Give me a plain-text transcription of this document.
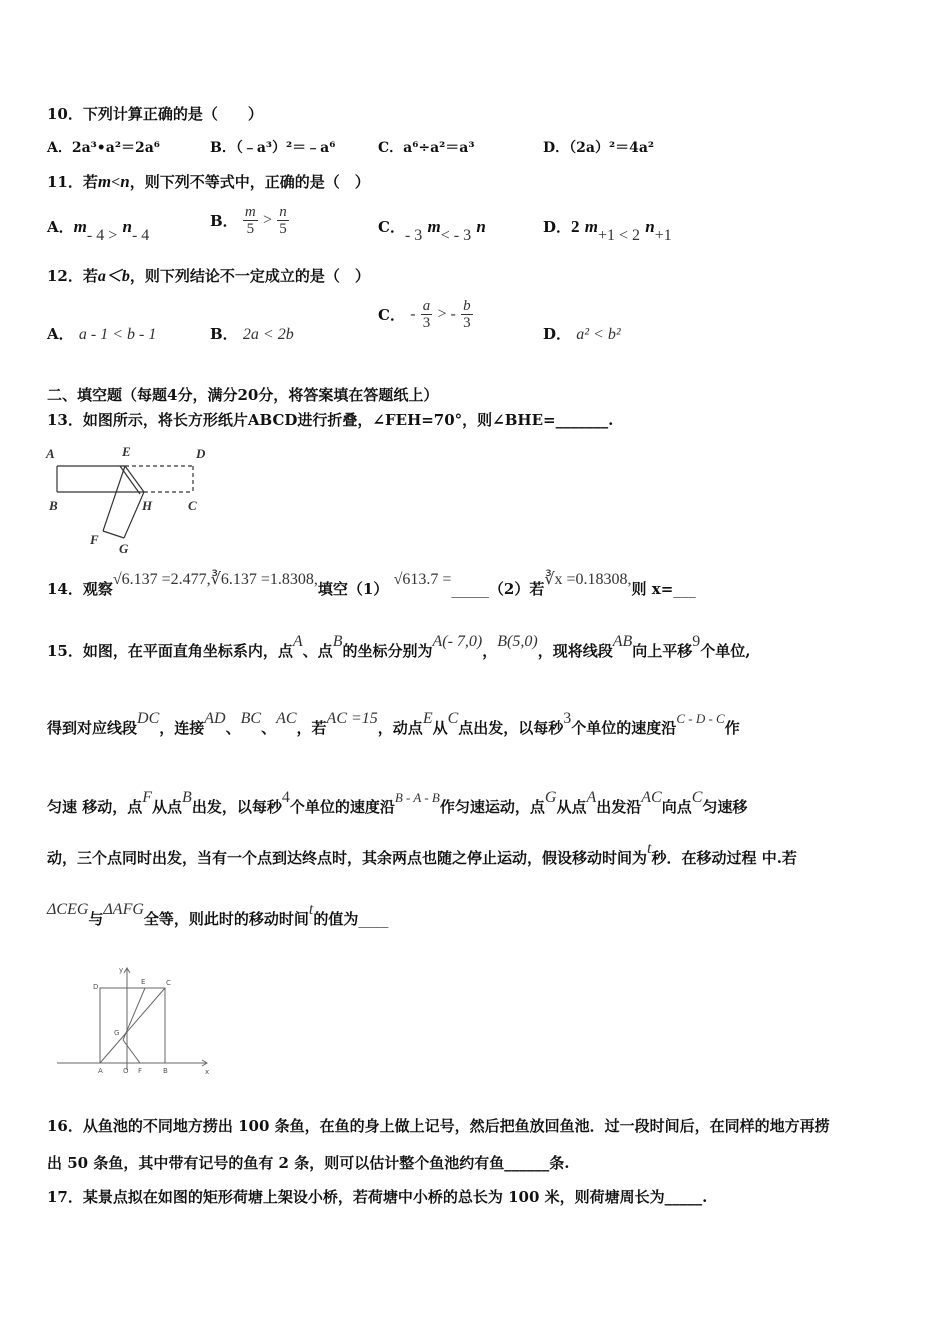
10．下列计算正确的是（　　）
A．2a³•a²＝2a⁶	B．（﹣a³）²＝﹣a⁶	C．a⁶÷a²＝a³	D．（2a）²＝4a²
11．若m<n，则下列不等式中，正确的是（　）
A．m- 4 > n- 4
B． $\frac{m}{5} > \frac{n}{5}$	C．- 3 m< - 3 n	D．2 m+1 < 2 n+1
12．若a＜b，则下列结论不一定成立的是（　）
A． a - 1 < b - 1	B． 2a < 2b
C． - $\frac{a}{3}$ > - $\frac{b}{3}$
D． a² < b²
二、填空题（每题4分，满分20分，将答案填在答题纸上）
13．如图所示，将长方形纸片ABCD进行折叠，∠FEH=70°，则∠BHE=_______.
A	E	D
B	H	C
F
G
14．观察√6.137 =2.477,∛6.137 =1.8308,填空（1） √613.7 =_____（2）若∛x =0.18308,则 x=___
15．如图，在平面直角坐标系内，点A、点B的坐标分别为A(- 7,0)，B(5,0)，现将线段AB向上平移9个单位,
得到对应线段DC，连接AD、BC、AC，若AC =15，动点E从C点出发，以每秒3个单位的速度沿C - D - C作
匀速 移动，点F从点B出发，以每秒4个单位的速度沿B - A - B作匀速运动，点G从点A出发沿AC向点C匀速移
动，三个点同时出发，当有一个点到达终点时，其余两点也随之停止运动，假设移动时间为t秒．在移动过程 中.若
ΔCEG与ΔAFG全等，则此时的移动时间t的值为____
y
D
E	C
G
A	O F	B	x
16．从鱼池的不同地方捞出 100 条鱼，在鱼的身上做上记号，然后把鱼放回鱼池．过一段时间后，在同样的地方再捞
出 50 条鱼，其中带有记号的鱼有 2 条，则可以估计整个鱼池约有鱼______条.
17．某景点拟在如图的矩形荷塘上架设小桥，若荷塘中小桥的总长为 100 米，则荷塘周长为_____.
